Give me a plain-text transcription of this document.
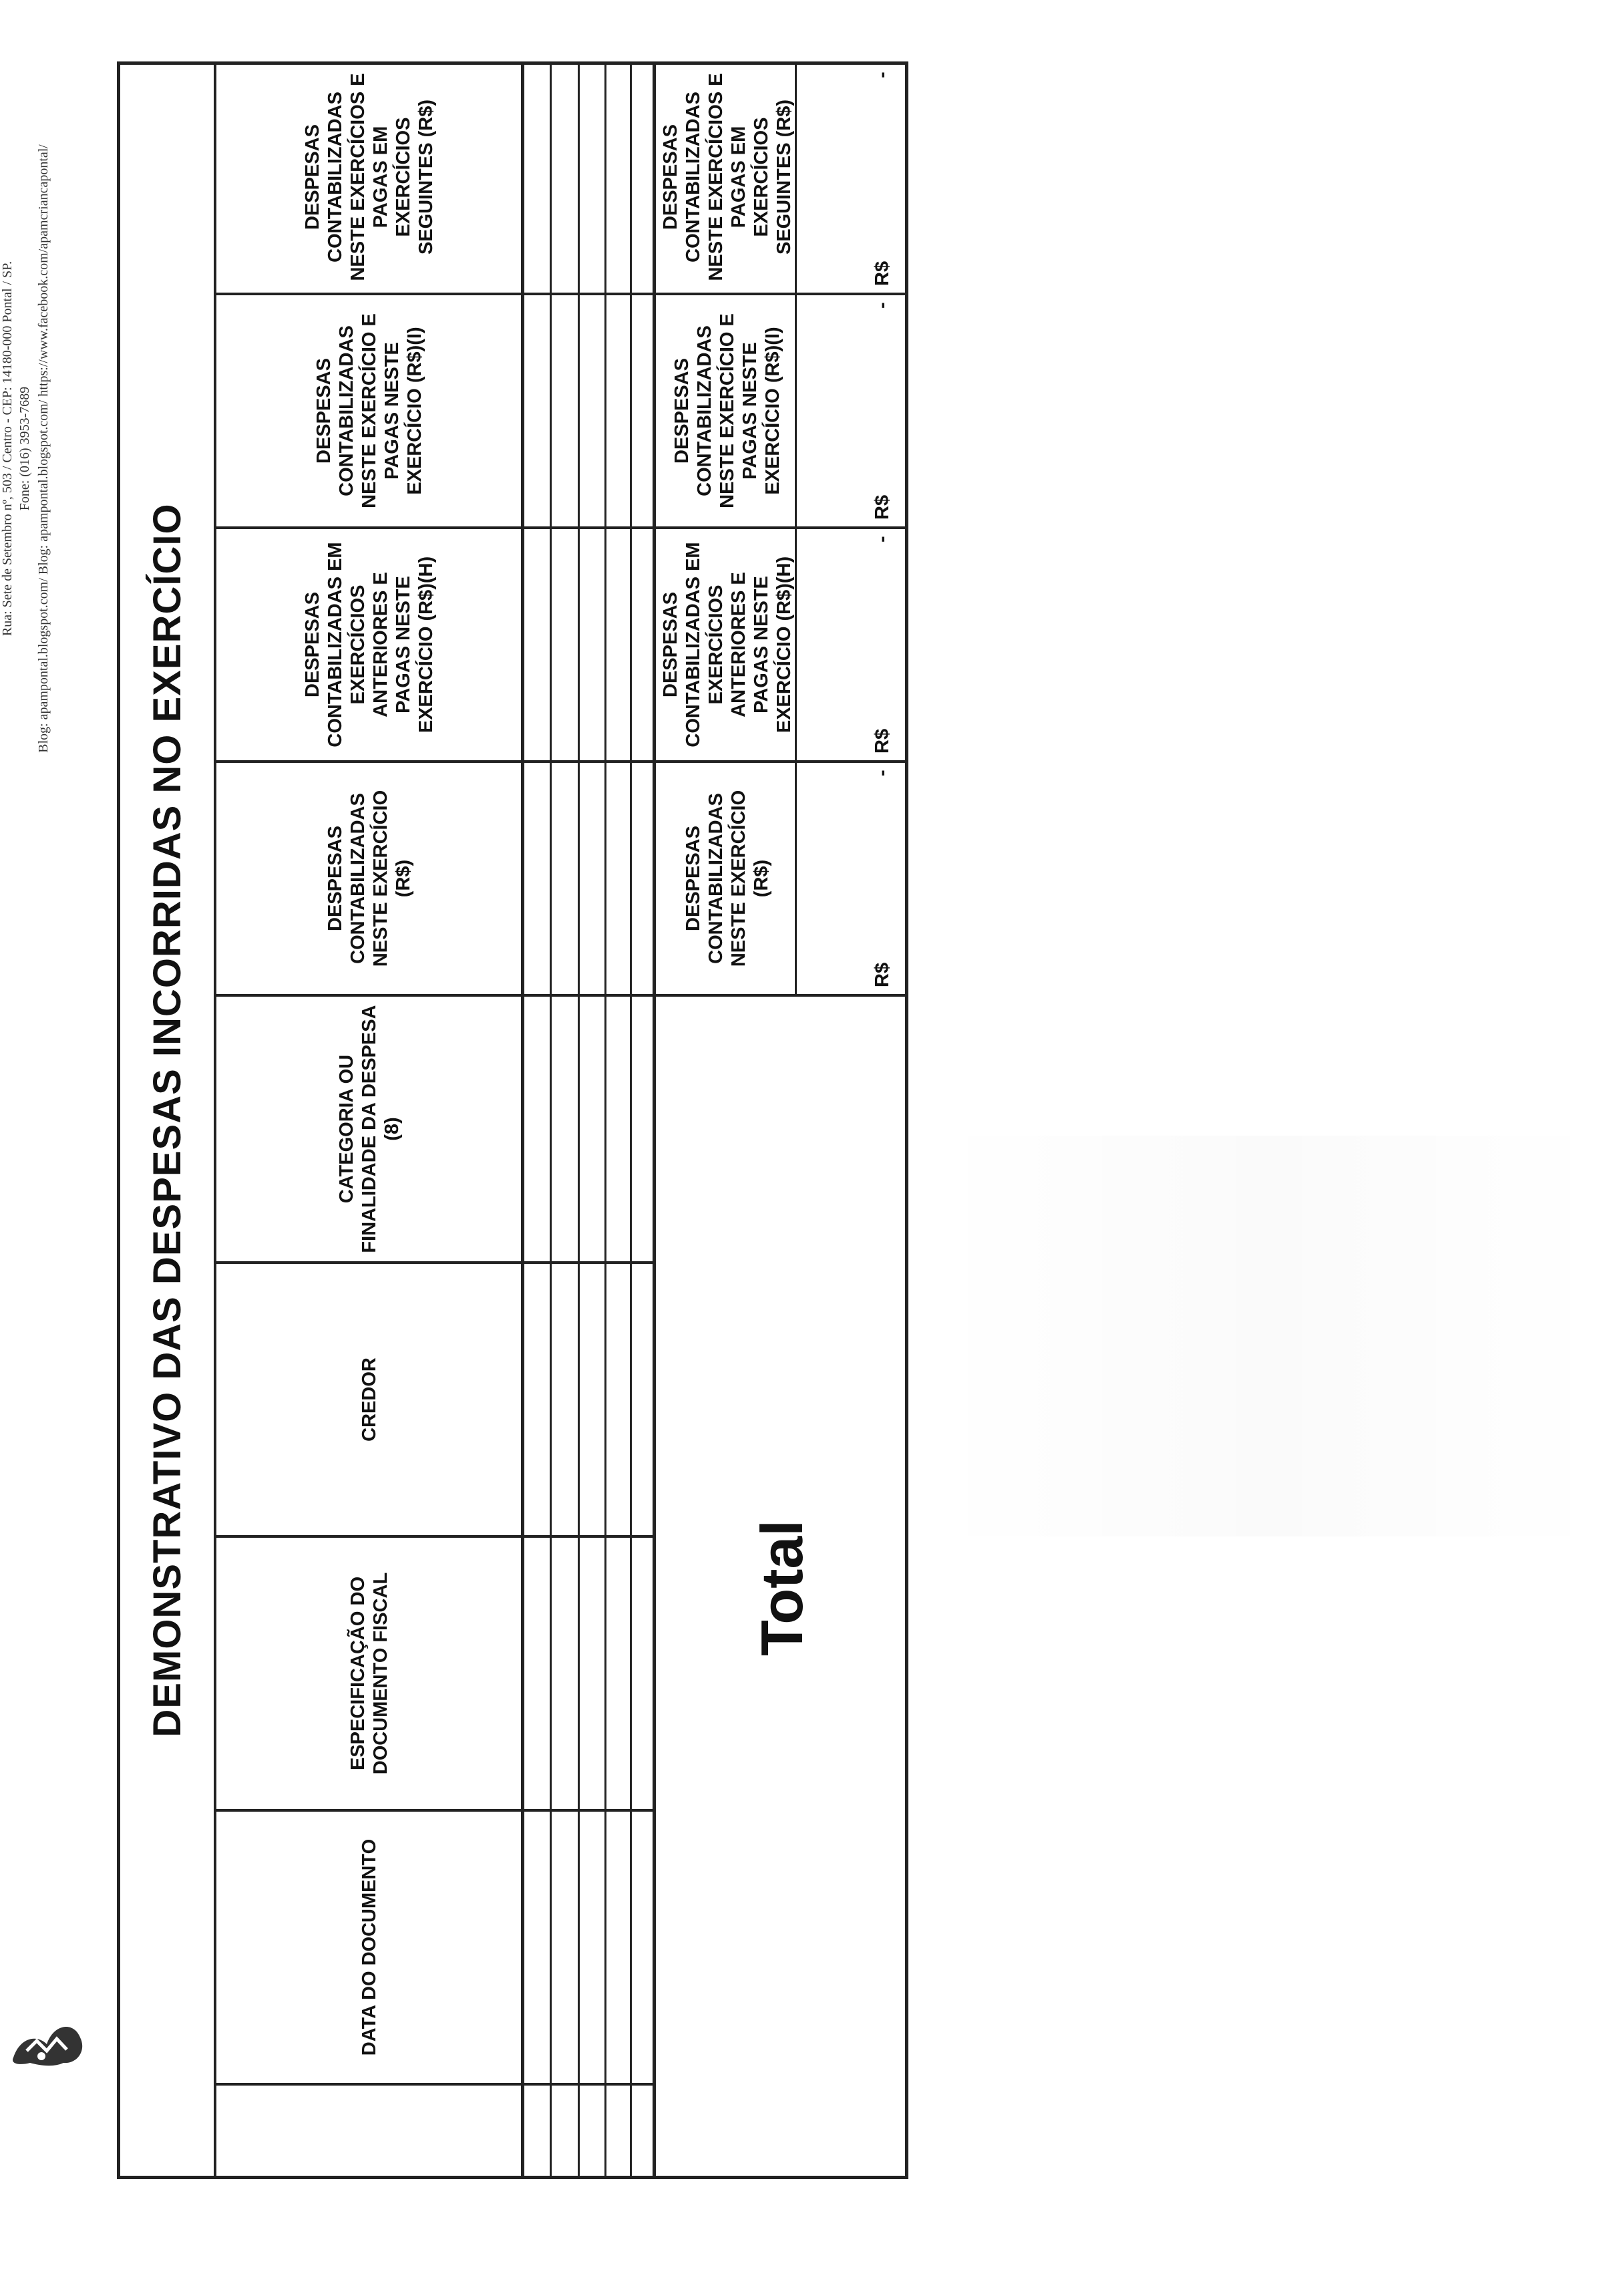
Rua: Sete de Setembro nº, 503 / Centro - CEP: 14180-000 Pontal / SP. Fone: (016) 3953-7689 Blog: apampontal.blogspot.com/ Blog: apampontal.blogspot.com/ https://www.facebook.com/apamcriancapontal/
DEMONSTRATIVO DAS DESPESAS INCORRIDAS NO EXERCÍCIO
DATA DO DOCUMENTO
ESPECIFICAÇÃO DO DOCUMENTO FISCAL
CREDOR
CATEGORIA OU FINALIDADE DA DESPESA (8)
DESPESAS CONTABILIZADAS NESTE EXERCÍCIO (R$)
DESPESAS CONTABILIZADAS EM EXERCÍCIOS ANTERIORES E PAGAS NESTE EXERCÍCIO (R$)(H)
DESPESAS CONTABILIZADAS NESTE EXERCÍCIO E PAGAS NESTE EXERCÍCIO (R$)(I)
DESPESAS CONTABILIZADAS NESTE EXERCÍCIOS E PAGAS EM EXERCÍCIOS SEGUINTES (R$)
Total
DESPESAS CONTABILIZADAS NESTE EXERCÍCIO (R$)
DESPESAS CONTABILIZADAS EM EXERCÍCIOS ANTERIORES E PAGAS NESTE EXERCÍCIO (R$)(H)
DESPESAS CONTABILIZADAS NESTE EXERCÍCIO E PAGAS NESTE EXERCÍCIO (R$)(I)
DESPESAS CONTABILIZADAS NESTE EXERCÍCIOS E PAGAS EM EXERCÍCIOS SEGUINTES (R$)
R$
-
R$
-
R$
-
R$
-
